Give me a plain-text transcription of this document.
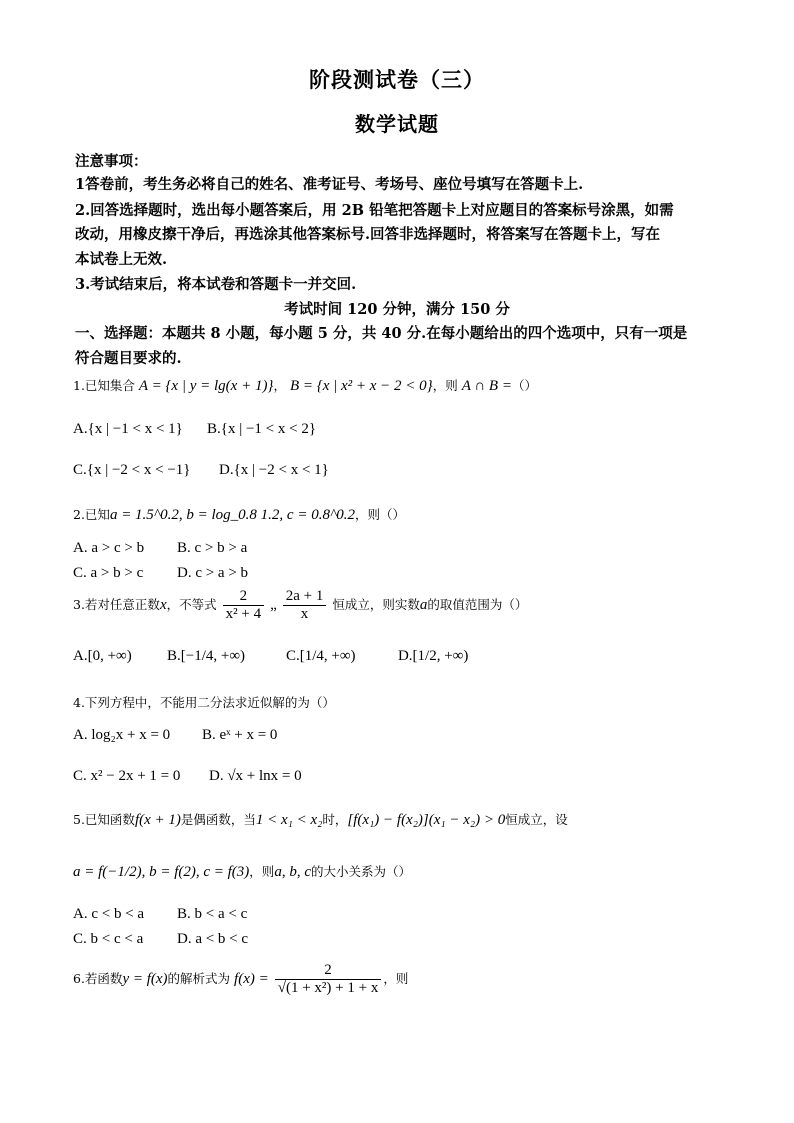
阶段测试卷（三）
数学试题
注意事项：
1答卷前，考生务必将自己的姓名、准考证号、考场号、座位号填写在答题卡上.
2.回答选择题时，选出每小题答案后，用 2B 铅笔把答题卡上对应题目的答案标号涂黑，如需
改动，用橡皮擦干净后，再选涂其他答案标号.回答非选择题时，将答案写在答题卡上，写在
本试卷上无效.
3.考试结束后，将本试卷和答题卡一并交回.
考试时间 120 分钟，满分 150 分
一、选择题：本题共 8 小题，每小题 5 分，共 40 分.在每小题给出的四个选项中，只有一项是
符合题目要求的.
1.已知集合 A = {x | y = lg(x + 1)}， B = {x | x² + x − 2 < 0}，则 A ∩ B =（）
A.{x | −1 < x < 1} B.{x | −1 < x < 2}
C.{x | −2 < x < −1} D.{x | −2 < x < 1}
2.已知a = 1.5^0.2, b = log_0.8 1.2, c = 0.8^0.2，则（）
A. a > c > b B. c > b > a
C. a > b > c D. c > a > b
3.若对任意正数x，不等式 $\frac{2}{\text{x² + 4}}$ „ $\frac{2a + 1}{x}$ 恒成立，则实数a的取值范围为（）
A.[0, +∞) B.[−1/4, +∞)	C.[1/4, +∞)	D.[1/2, +∞)
4.下列方程中，不能用二分法求近似解的为（）
A. log₂x + x = 0 B. eˣ + x = 0
C. x² − 2x + 1 = 0 D. √x + lnx = 0
5.已知函数f(x + 1)是偶函数，当1 < x₁ < x₂时，[f(x₁) − f(x₂)](x₁ − x₂) > 0恒成立，设
a = f(−1/2), b = f(2), c = f(3)，则a, b, c的大小关系为（）
A. c < b < a B. b < a < c
C. b < c < a D. a < b < c
6.若函数y = f(x)的解析式为 $f(x) = \frac{2}{\text{√(1 + x²) + 1 + x}}$ ，则
